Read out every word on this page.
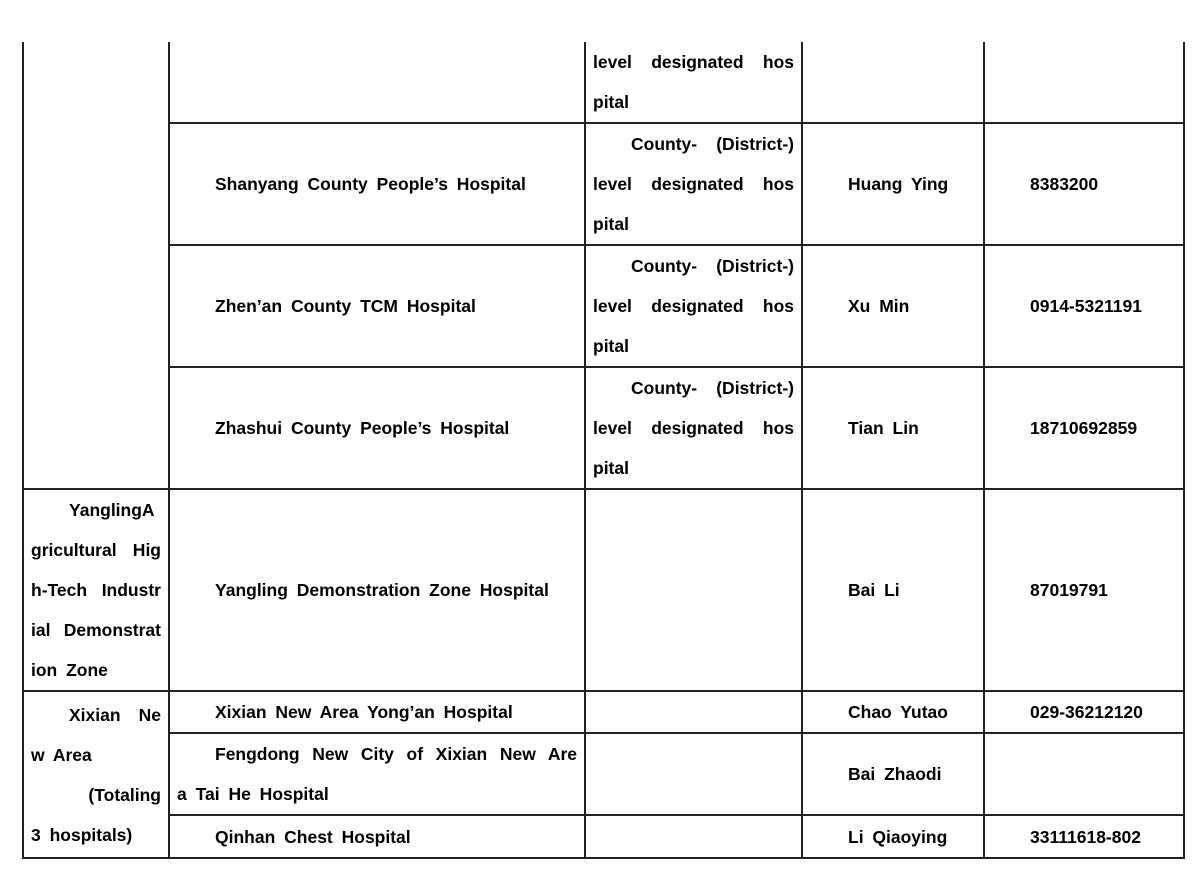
		level designated hos
pital		

	Shanyang County People’s Hospital	County- (District-)
level designated hos
pital	Huang Ying	8383200

	Zhen’an County TCM Hospital	County- (District-)
level designated hos
pital	Xu Min	0914-5321191

	Zhashui County People’s Hospital	County- (District-)
level designated hos
pital	Tian Lin	18710692859

YanglingA
gricultural Hig
h-Tech Industr
ial Demonstrat
ion Zone	Yangling Demonstration Zone Hospital		Bai Li	87019791

Xixian Ne
w Area
(Totaling
3 hospitals)	Xixian New Area Yong’an Hospital		Chao Yutao	029-36212120

	Fengdong New City of Xixian New Are
a Tai He Hospital		Bai Zhaodi	

	Qinhan Chest Hospital		Li Qiaoying	33111618-802
